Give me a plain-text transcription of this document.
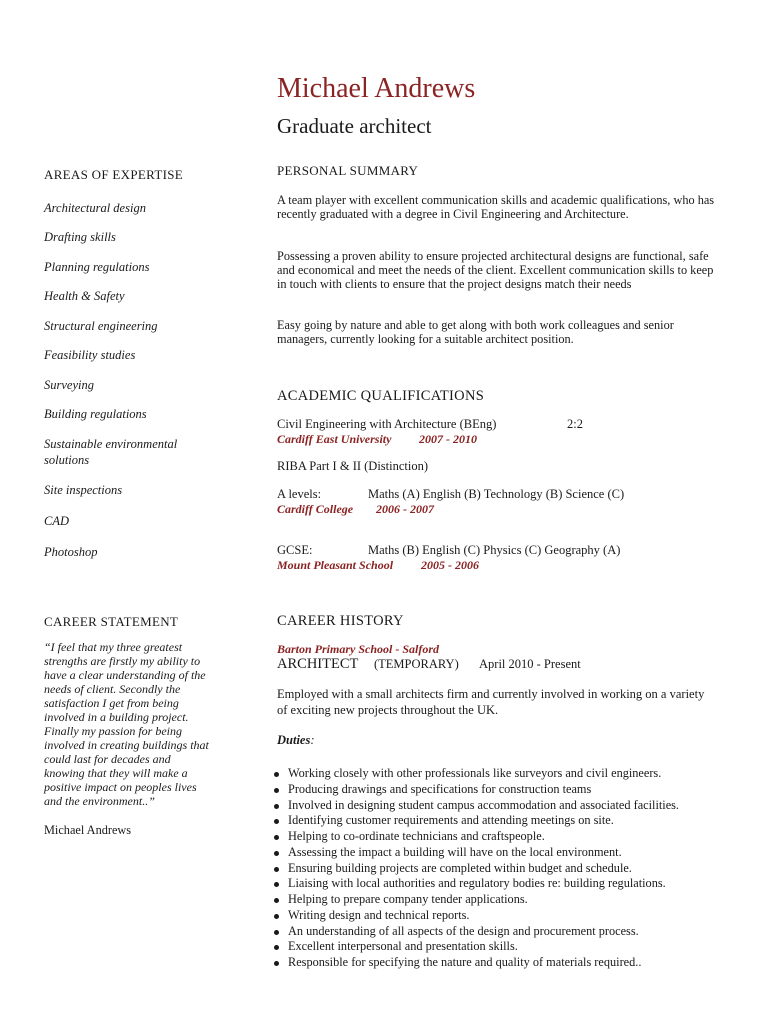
Michael Andrews
Graduate architect
AREAS OF EXPERTISE
Architectural design
Drafting skills
Planning regulations
Health & Safety
Structural engineering
Feasibility studies
Surveying
Building regulations
Sustainable environmental solutions
Site inspections
CAD
Photoshop
CAREER STATEMENT
“I feel that my three greatest strengths are firstly my ability to have a clear understanding of the needs of client. Secondly the satisfaction I get from being involved in a building project. Finally my passion for being involved in creating buildings that could last for decades and knowing that they will make a positive impact on peoples lives and the environment..”
Michael Andrews
PERSONAL SUMMARY
A team player with excellent communication skills and academic qualifications, who has recently graduated with a degree in Civil Engineering and Architecture.
Possessing a proven ability to ensure projected architectural designs are functional, safe and economical and meet the needs of the client. Excellent communication skills to keep in touch with clients to ensure that the project designs match their needs
Easy going by nature and able to get along with both work colleagues and senior managers, currently looking for a suitable architect position.
ACADEMIC QUALIFICATIONS
Civil Engineering with Architecture (BEng)	2:2
Cardiff East University 2007 - 2010
RIBA Part I & II (Distinction)
A levels:	Maths (A) English (B) Technology (B) Science (C)
Cardiff College 2006 - 2007
GCSE:	Maths (B) English (C) Physics (C) Geography (A)
Mount Pleasant School 2005 - 2006
CAREER HISTORY
Barton Primary School - Salford
ARCHITECT (TEMPORARY) April 2010 - Present
Employed with a small architects firm and currently involved in working on a variety of exciting new projects throughout the UK.
Duties:
Working closely with other professionals like surveyors and civil engineers.
Producing drawings and specifications for construction teams
Involved in designing student campus accommodation and associated facilities.
Identifying customer requirements and attending meetings on site.
Helping to co-ordinate technicians and craftspeople.
Assessing the impact a building will have on the local environment.
Ensuring building projects are completed within budget and schedule.
Liaising with local authorities and regulatory bodies re: building regulations.
Helping to prepare company tender applications.
Writing design and technical reports.
An understanding of all aspects of the design and procurement process.
Excellent interpersonal and presentation skills.
Responsible for specifying the nature and quality of materials required..
